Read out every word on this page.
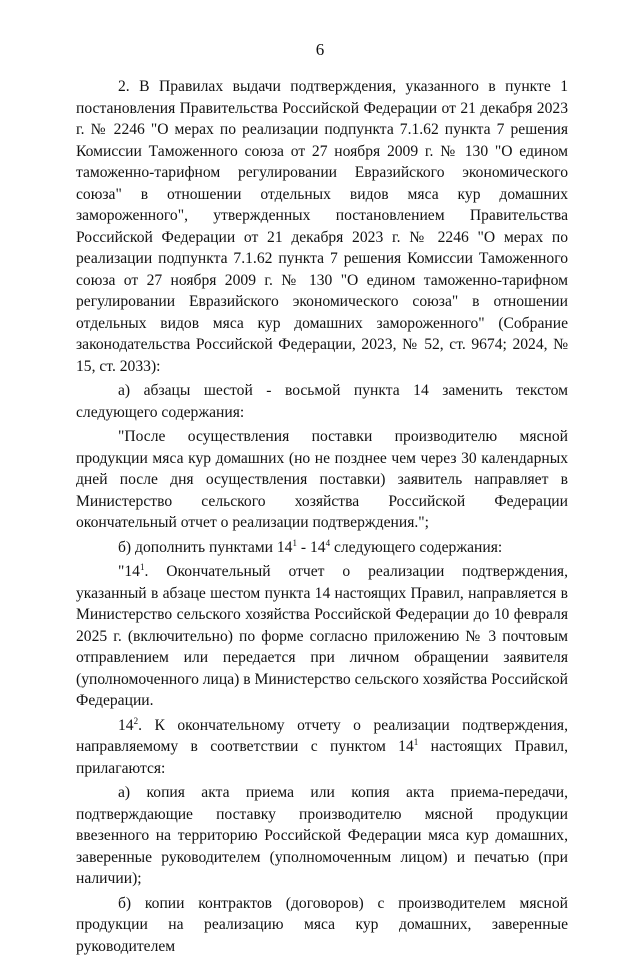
6

2. В Правилах выдачи подтверждения, указанного в пункте 1 постановления Правительства Российской Федерации от 21 декабря 2023 г. № 2246 "О мерах по реализации подпункта 7.1.62 пункта 7 решения Комиссии Таможенного союза от 27 ноября 2009 г. № 130 "О едином таможенно-тарифном регулировании Евразийского экономического союза" в отношении отдельных видов мяса кур домашних замороженного", утвержденных постановлением Правительства Российской Федерации от 21 декабря 2023 г. № 2246 "О мерах по реализации подпункта 7.1.62 пункта 7 решения Комиссии Таможенного союза от 27 ноября 2009 г. № 130 "О едином таможенно-тарифном регулировании Евразийского экономического союза" в отношении отдельных видов мяса кур домашних замороженного" (Собрание законодательства Российской Федерации, 2023, № 52, ст. 9674; 2024, № 15, ст. 2033):

а) абзацы шестой - восьмой пункта 14 заменить текстом следующего содержания:

"После осуществления поставки производителю мясной продукции мяса кур домашних (но не позднее чем через 30 календарных дней после дня осуществления поставки) заявитель направляет в Министерство сельского хозяйства Российской Федерации окончательный отчет о реализации подтверждения.";

б) дополнить пунктами $14^1 - 14^4$ следующего содержания:

"$14^1$. Окончательный отчет о реализации подтверждения, указанный в абзаце шестом пункта 14 настоящих Правил, направляется в Министерство сельского хозяйства Российской Федерации до 10 февраля 2025 г. (включительно) по форме согласно приложению № 3 почтовым отправлением или передается при личном обращении заявителя (уполномоченного лица) в Министерство сельского хозяйства Российской Федерации.

$14^2$. К окончательному отчету о реализации подтверждения, направляемому в соответствии с пунктом $14^1$ настоящих Правил, прилагаются:

а) копия акта приема или копия акта приема-передачи, подтверждающие поставку производителю мясной продукции ввезенного на территорию Российской Федерации мяса кур домашних, заверенные руководителем (уполномоченным лицом) и печатью (при наличии);

б) копии контрактов (договоров) с производителем мясной продукции на реализацию мяса кур домашних, заверенные руководителем
